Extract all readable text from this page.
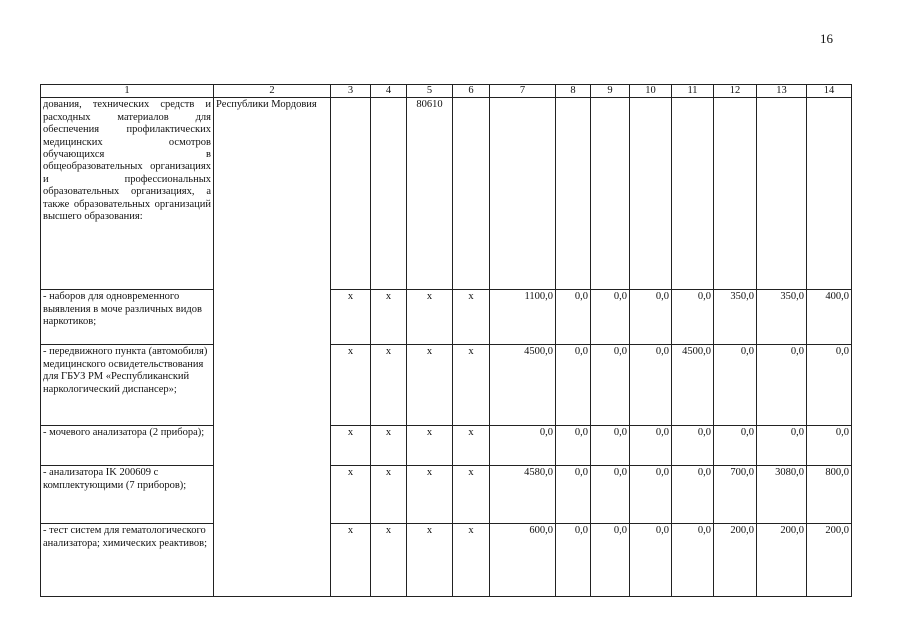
16
1	2	3	4	5	6	7	8	9	10	11	12	13	14
дования, технических средств и расходных материалов для обеспечения профилактических медицинских осмотров обучающихся в общеобразовательных организациях и профессиональных образовательных организациях, а также образовательных организаций высшего образования:	Республики Мордовия			80610									
- наборов для одновременного выявления в моче различных видов наркотиков;		х	х	х	х	1100,0	0,0	0,0	0,0	0,0	350,0	350,0	400,0
- передвижного пункта (автомобиля) медицинского освидетельствования для ГБУЗ РМ «Республиканский наркологический диспансер»;		х	х	х	х	4500,0	0,0	0,0	0,0	4500,0	0,0	0,0	0,0
- мочевого анализатора (2 прибора);		х	х	х	х	0,0	0,0	0,0	0,0	0,0	0,0	0,0	0,0
- анализатора IK 200609 с комплектующими (7 приборов);		х	х	х	х	4580,0	0,0	0,0	0,0	0,0	700,0	3080,0	800,0
- тест систем для гематологического анализатора; химических реактивов;		х	х	х	х	600,0	0,0	0,0	0,0	0,0	200,0	200,0	200,0
